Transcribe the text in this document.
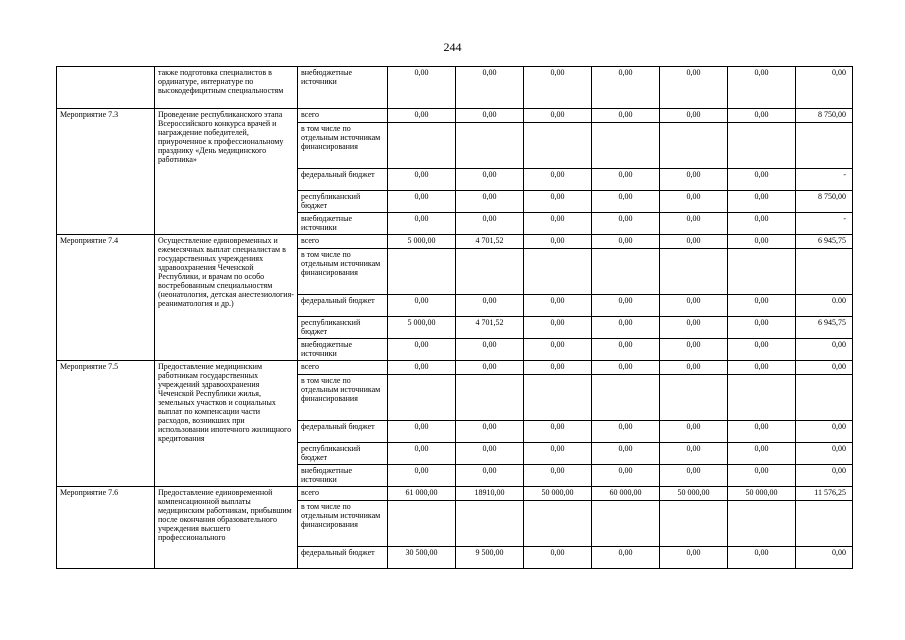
244
	также подготовка специалистов в ординатуре, интернатуре по высокодефицитным специальностям	внебюджетные источники	0,00	0,00	0,00	0,00	0,00	0,00	0,00
Мероприятие 7.3	Проведение республиканского этапа Всероссийского конкурса врачей и награждение победителей, приуроченное к профессиональному празднику «День медицинского работника»	всего	0,00	0,00	0,00	0,00	0,00	0,00	8 750,00
		в том числе по отдельным источникам финансирования							
		федеральный бюджет	0,00	0,00	0,00	0,00	0,00	0,00	-
		республиканский бюджет	0,00	0,00	0,00	0,00	0,00	0,00	8 750,00
		внебюджетные источники	0,00	0,00	0,00	0,00	0,00	0,00	-
Мероприятие 7.4	Осуществление единовременных и ежемесячных выплат специалистам в государственных учреждениях здравоохранения Чеченской Республики, и врачам по особо востребованным специальностям (неонатология, детская анестезиология-реаниматология и др.)	всего	5 000,00	4 701,52	0,00	0,00	0,00	0,00	6 945,75
		в том числе по отдельным источникам финансирования							
		федеральный бюджет	0,00	0,00	0,00	0,00	0,00	0,00	0.00
		республиканский бюджет	5 000,00	4 701,52	0,00	0,00	0,00	0,00	6 945,75
		внебюджетные источники	0,00	0,00	0,00	0,00	0,00	0,00	0,00
Мероприятие 7.5	Предоставление медицинским работникам государственных учреждений здравоохранения Чеченской Республики жилья, земельных участков и социальных выплат по компенсации части расходов, возникших при использовании ипотечного жилищного кредитования	всего	0,00	0,00	0,00	0,00	0,00	0,00	0,00
		в том числе по отдельным источникам финансирования							
		федеральный бюджет	0,00	0,00	0,00	0,00	0,00	0,00	0,00
		республиканский бюджет	0,00	0,00	0,00	0,00	0,00	0,00	0,00
		внебюджетные источники	0,00	0,00	0,00	0,00	0,00	0,00	0,00
Мероприятие 7.6	Предоставление единовременной компенсационной выплаты медицинским работникам, прибывшим после окончания образовательного учреждения высшего профессионального	всего	61 000,00	18910,00	50 000,00	60 000,00	50 000,00	50 000,00	11 576,25
		в том числе по отдельным источникам финансирования							
		федеральный бюджет	30 500,00	9 500,00	0,00	0,00	0,00	0,00	0,00
